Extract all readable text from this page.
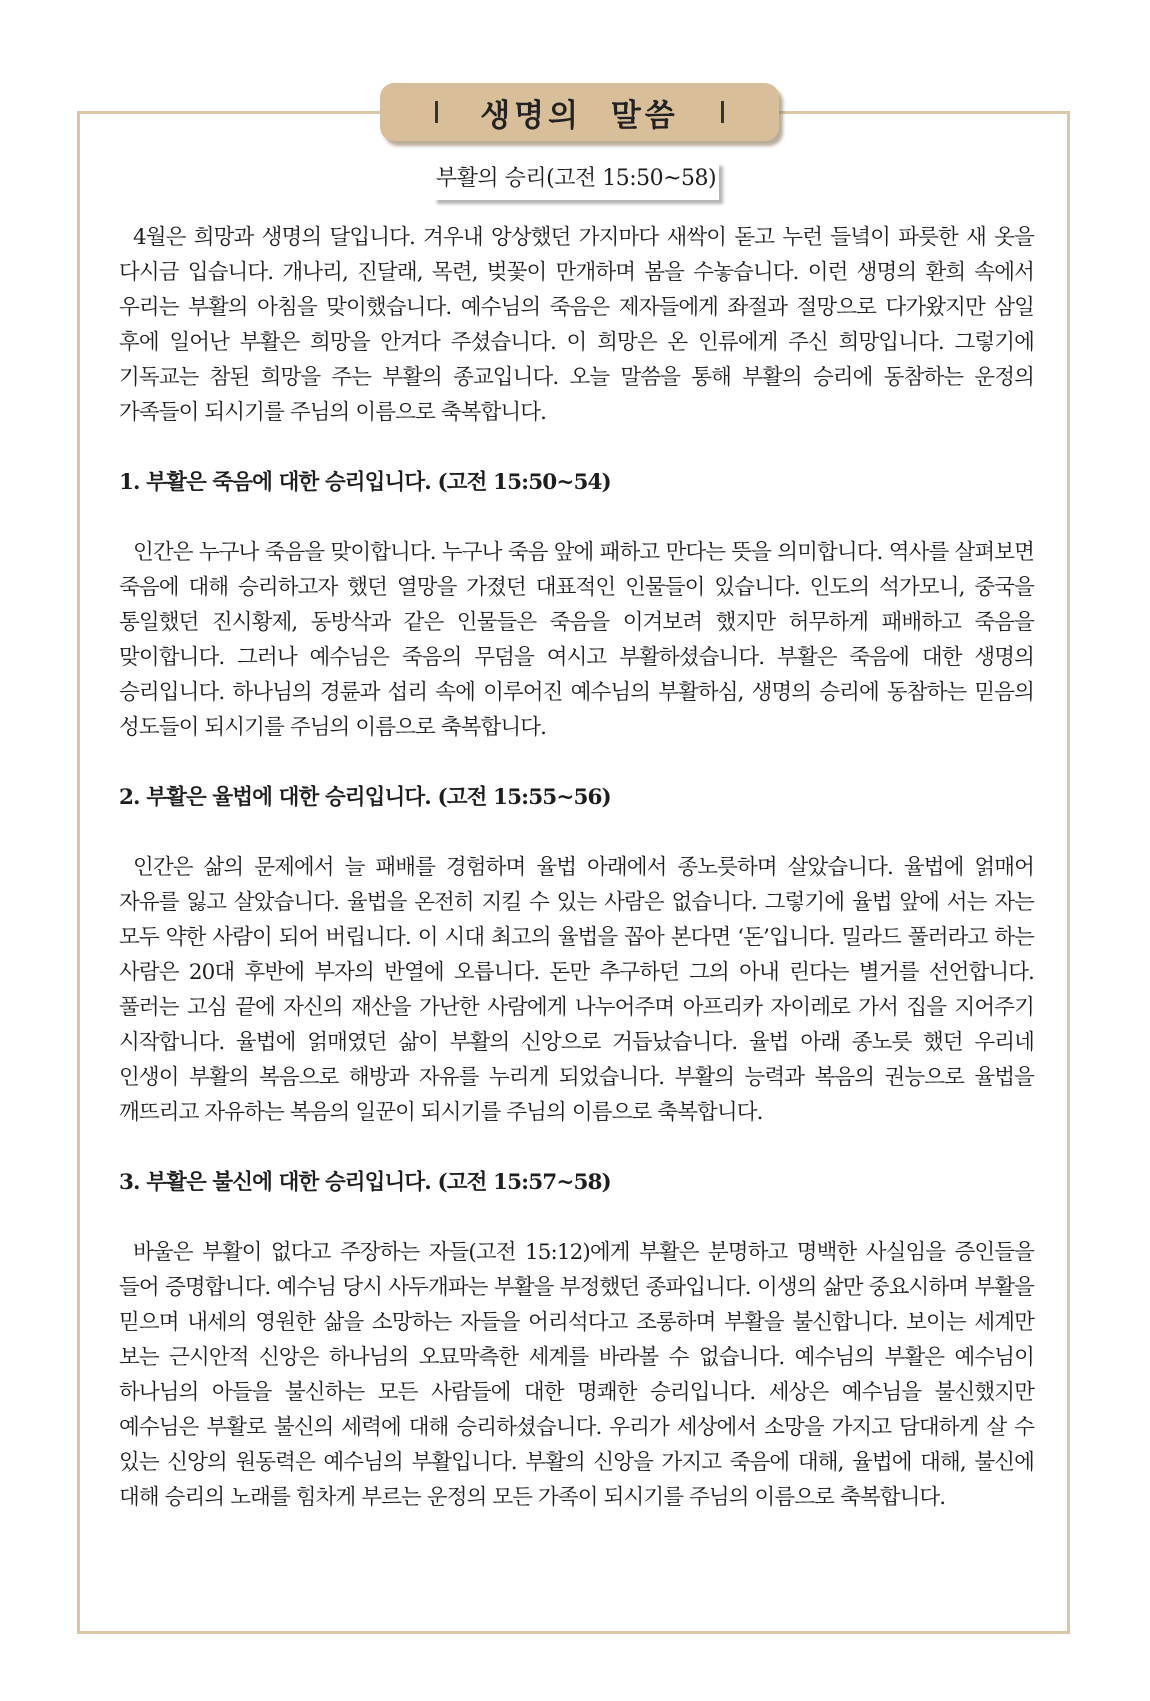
생명의 말씀
부활의 승리(고전 15:50~58)

4월은 희망과 생명의 달입니다. 겨우내 앙상했던 가지마다 새싹이 돋고 누런 들녘이 파릇한 새 옷을 다시금 입습니다. 개나리, 진달래, 목련, 벚꽃이 만개하며 봄을 수놓습니다. 이런 생명의 환희 속에서 우리는 부활의 아침을 맞이했습니다. 예수님의 죽음은 제자들에게 좌절과 절망으로 다가왔지만 삼일 후에 일어난 부활은 희망을 안겨다 주셨습니다. 이 희망은 온 인류에게 주신 희망입니다. 그렇기에 기독교는 참된 희망을 주는 부활의 종교입니다. 오늘 말씀을 통해 부활의 승리에 동참하는 운정의 가족들이 되시기를 주님의 이름으로 축복합니다.

1. 부활은 죽음에 대한 승리입니다. (고전 15:50~54)

인간은 누구나 죽음을 맞이합니다. 누구나 죽음 앞에 패하고 만다는 뜻을 의미합니다. 역사를 살펴보면 죽음에 대해 승리하고자 했던 열망을 가졌던 대표적인 인물들이 있습니다. 인도의 석가모니, 중국을 통일했던 진시황제, 동방삭과 같은 인물들은 죽음을 이겨보려 했지만 허무하게 패배하고 죽음을 맞이합니다. 그러나 예수님은 죽음의 무덤을 여시고 부활하셨습니다. 부활은 죽음에 대한 생명의 승리입니다. 하나님의 경륜과 섭리 속에 이루어진 예수님의 부활하심, 생명의 승리에 동참하는 믿음의 성도들이 되시기를 주님의 이름으로 축복합니다.

2. 부활은 율법에 대한 승리입니다. (고전 15:55~56)

인간은 삶의 문제에서 늘 패배를 경험하며 율법 아래에서 종노릇하며 살았습니다. 율법에 얽매어 자유를 잃고 살았습니다. 율법을 온전히 지킬 수 있는 사람은 없습니다. 그렇기에 율법 앞에 서는 자는 모두 약한 사람이 되어 버립니다. 이 시대 최고의 율법을 꼽아 본다면 ‘돈’입니다. 밀라드 풀러라고 하는 사람은 20대 후반에 부자의 반열에 오릅니다. 돈만 추구하던 그의 아내 린다는 별거를 선언합니다. 풀러는 고심 끝에 자신의 재산을 가난한 사람에게 나누어주며 아프리카 자이레로 가서 집을 지어주기 시작합니다. 율법에 얽매였던 삶이 부활의 신앙으로 거듭났습니다. 율법 아래 종노릇 했던 우리네 인생이 부활의 복음으로 해방과 자유를 누리게 되었습니다. 부활의 능력과 복음의 권능으로 율법을 깨뜨리고 자유하는 복음의 일꾼이 되시기를 주님의 이름으로 축복합니다.

3. 부활은 불신에 대한 승리입니다. (고전 15:57~58)

바울은 부활이 없다고 주장하는 자들(고전 15:12)에게 부활은 분명하고 명백한 사실임을 증인들을 들어 증명합니다. 예수님 당시 사두개파는 부활을 부정했던 종파입니다. 이생의 삶만 중요시하며 부활을 믿으며 내세의 영원한 삶을 소망하는 자들을 어리석다고 조롱하며 부활을 불신합니다. 보이는 세계만 보는 근시안적 신앙은 하나님의 오묘막측한 세계를 바라볼 수 없습니다. 예수님의 부활은 예수님이 하나님의 아들을 불신하는 모든 사람들에 대한 명쾌한 승리입니다. 세상은 예수님을 불신했지만 예수님은 부활로 불신의 세력에 대해 승리하셨습니다. 우리가 세상에서 소망을 가지고 담대하게 살 수 있는 신앙의 원동력은 예수님의 부활입니다. 부활의 신앙을 가지고 죽음에 대해, 율법에 대해, 불신에 대해 승리의 노래를 힘차게 부르는 운정의 모든 가족이 되시기를 주님의 이름으로 축복합니다.
